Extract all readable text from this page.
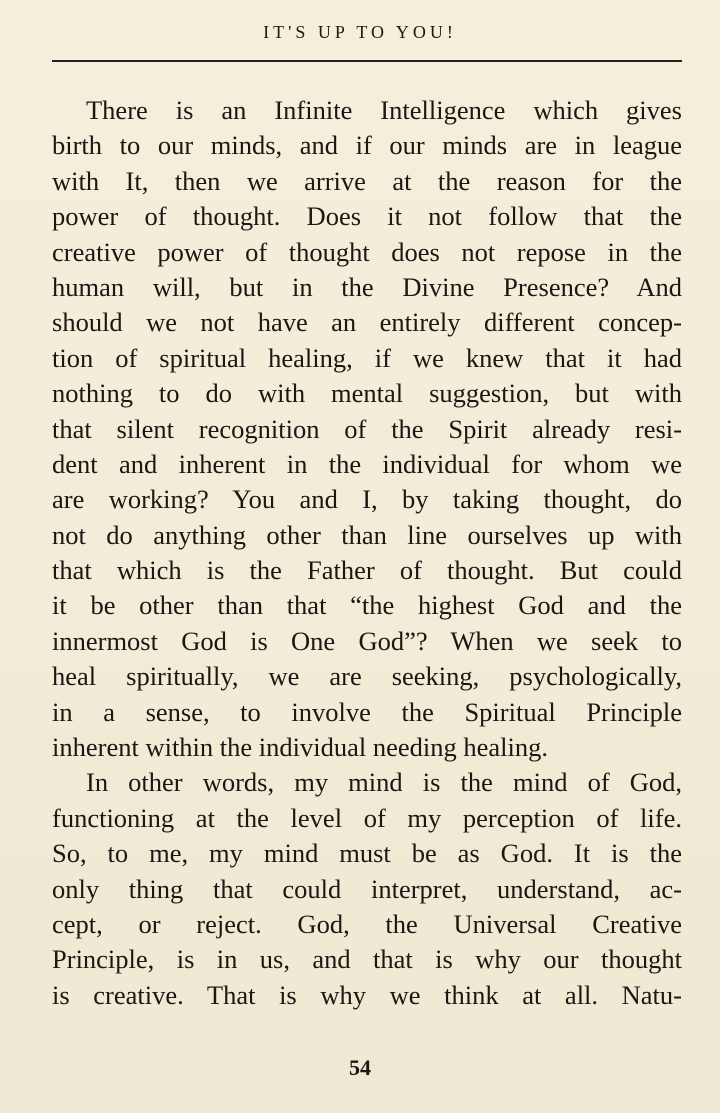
IT'S UP TO YOU!
There is an Infinite Intelligence which gives
birth to our minds, and if our minds are in league
with It, then we arrive at the reason for the
power of thought. Does it not follow that the
creative power of thought does not repose in the
human will, but in the Divine Presence? And
should we not have an entirely different concep-
tion of spiritual healing, if we knew that it had
nothing to do with mental suggestion, but with
that silent recognition of the Spirit already resi-
dent and inherent in the individual for whom we
are working? You and I, by taking thought, do
not do anything other than line ourselves up with
that which is the Father of thought. But could
it be other than that “the highest God and the
innermost God is One God”? When we seek to
heal spiritually, we are seeking, psychologically,
in a sense, to involve the Spiritual Principle
inherent within the individual needing healing.
In other words, my mind is the mind of God,
functioning at the level of my perception of life.
So, to me, my mind must be as God. It is the
only thing that could interpret, understand, ac-
cept, or reject. God, the Universal Creative
Principle, is in us, and that is why our thought
is creative. That is why we think at all. Natu-
54
